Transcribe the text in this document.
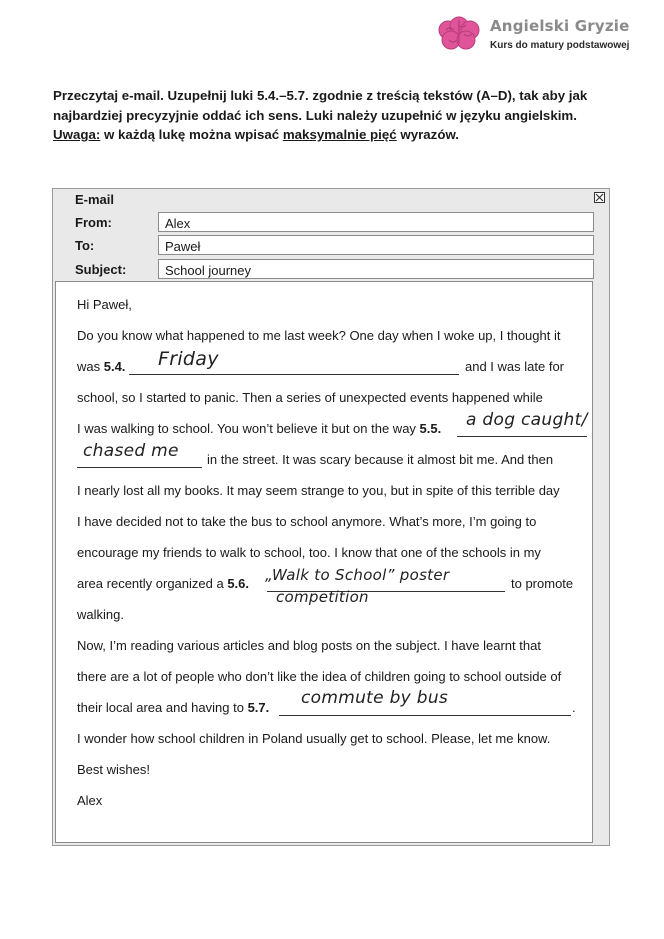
Angielski Gryzie
Kurs do matury podstawowej
Przeczytaj e-mail. Uzupełnij luki 5.4.–5.7. zgodnie z treścią tekstów (A–D), tak aby jak
najbardziej precyzyjnie oddać ich sens. Luki należy uzupełnić w języku angielskim.
Uwaga: w każdą lukę można wpisać maksymalnie pięć wyrazów.
E-mail
From:	Alex
To:	Paweł
Subject:	School journey
Hi Paweł,
Do you know what happened to me last week? One day when I woke up, I thought it
was 5.4. Friday	and I was late for
school, so I started to panic. Then a series of unexpected events happened while
I was walking to school. You won’t believe it but on the way 5.5. a dog caught/
chased me in the street. It was scary because it almost bit me. And then
I nearly lost all my books. It may seem strange to you, but in spite of this terrible day
I have decided not to take the bus to school anymore. What’s more, I’m going to
encourage my friends to walk to school, too. I know that one of the schools in my
area recently organized a 5.6. „Walk to School” poster
competition
to promote
walking.
Now, I’m reading various articles and blog posts on the subject. I have learnt that
there are a lot of people who don’t like the idea of children going to school outside of
their local area and having to 5.7. commute by bus	.
I wonder how school children in Poland usually get to school. Please, let me know.
Best wishes!
Alex
